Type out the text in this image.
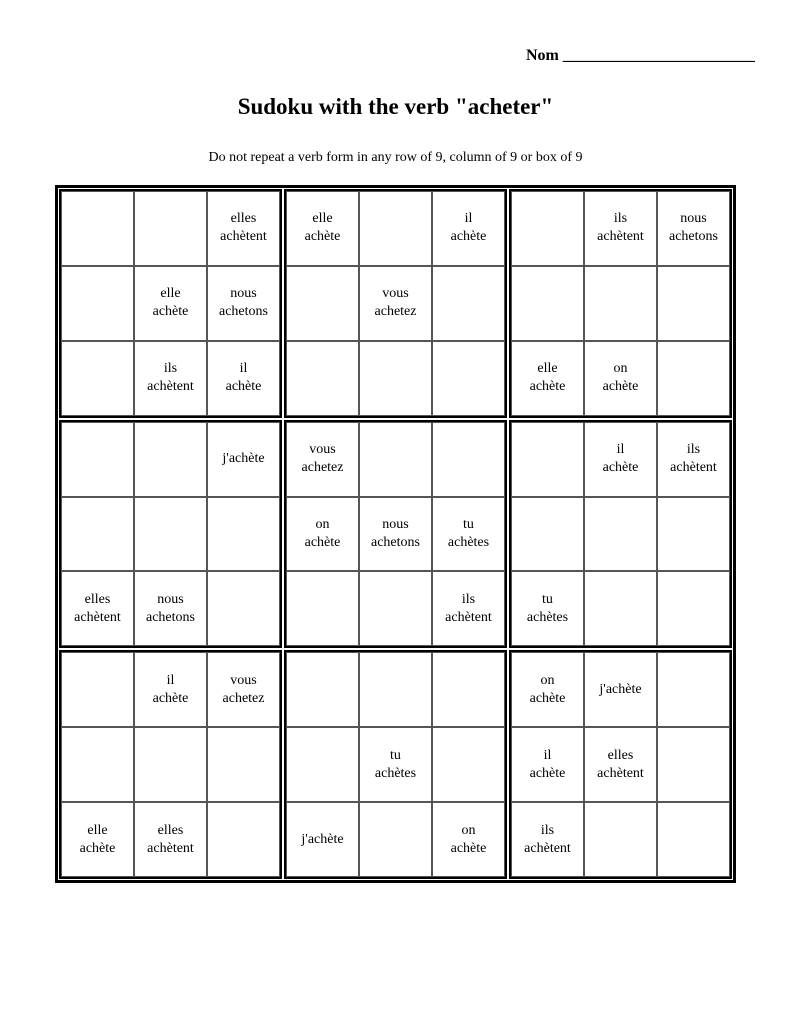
Nom ________________________
Sudoku with the verb "acheter"
Do not repeat a verb form in any row of 9, column of 9 or box of 9
elles
achètent
elle
achète
nous
achetons
ils
achètent
il
achète
elle
achète
il
achète
vous
achetez
ils
achètent
nous
achetons
elle
achète
on
achète
j'achète
elles
achètent
nous
achetons
vous
achetez
on
achète
nous
achetons
tu
achètes
ils
achètent
il
achète
ils
achètent
tu
achètes
il
achète
vous
achetez
elle
achète
elles
achètent
tu
achètes
j'achète
on
achète
on
achète
j'achète
il
achète
elles
achètent
ils
achètent
